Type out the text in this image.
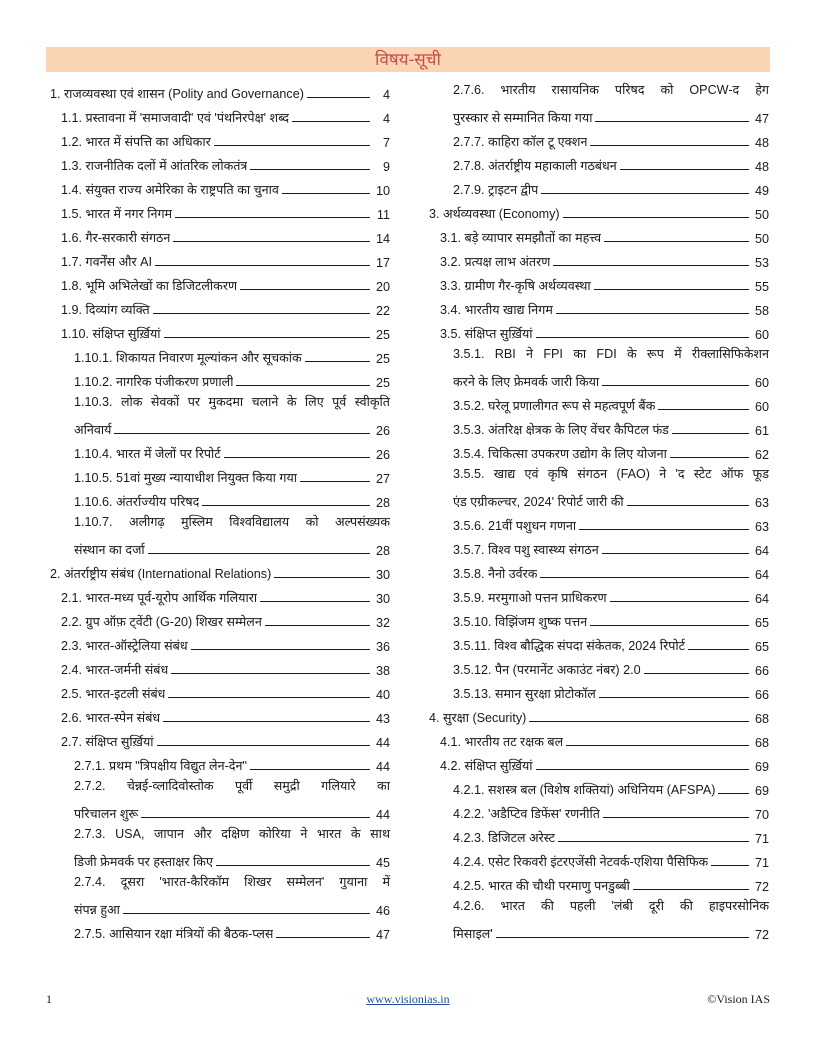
विषय-सूची
1. राजव्यवस्था एवं शासन (Polity and Governance)	4
1.1. प्रस्तावना में 'समाजवादी' एवं 'पंथनिरपेक्ष' शब्द	4
1.2. भारत में संपत्ति का अधिकार	7
1.3. राजनीतिक दलों में आंतरिक लोकतंत्र	9
1.4. संयुक्त राज्य अमेरिका के राष्ट्रपति का चुनाव	10
1.5. भारत में नगर निगम	11
1.6. गैर-सरकारी संगठन	14
1.7. गवर्नेंस और AI	17
1.8. भूमि अभिलेखों का डिजिटलीकरण	20
1.9. दिव्यांग व्यक्ति	22
1.10. संक्षिप्त सुर्ख़ियां	25
1.10.1. शिकायत निवारण मूल्यांकन और सूचकांक	25
1.10.2. नागरिक पंजीकरण प्रणाली	25
1.10.3. लोक सेवकों पर मुकदमा चलाने के लिए पूर्व स्वीकृति
अनिवार्य	26
1.10.4. भारत में जेलों पर रिपोर्ट	26
1.10.5. 51वां मुख्य न्यायाधीश नियुक्त किया गया	27
1.10.6. अंतर्राज्यीय परिषद	28
1.10.7. अलीगढ़ मुस्लिम विश्वविद्यालय को अल्पसंख्यक
संस्थान का दर्जा	28
2. अंतर्राष्ट्रीय संबंध (International Relations)	30
2.1. भारत-मध्य पूर्व-यूरोप आर्थिक गलियारा	30
2.2. ग्रुप ऑफ़ ट्वेंटी (G-20) शिखर सम्मेलन	32
2.3. भारत-ऑस्ट्रेलिया संबंध	36
2.4. भारत-जर्मनी संबंध	38
2.5. भारत-इटली संबंध	40
2.6. भारत-स्पेन संबंध	43
2.7. संक्षिप्त सुर्ख़ियां	44
2.7.1. प्रथम "त्रिपक्षीय विद्युत लेन-देन"	44
2.7.2. चेन्नई-व्लादिवोस्तोक पूर्वी समुद्री गलियारे का
परिचालन शुरू	44
2.7.3. USA, जापान और दक्षिण कोरिया ने भारत के साथ
डिजी फ्रेमवर्क पर हस्ताक्षर किए	45
2.7.4. दूसरा 'भारत-कैरिकॉम शिखर सम्मेलन' गुयाना में
संपन्न हुआ	46
2.7.5. आसियान रक्षा मंत्रियों की बैठक-प्लस	47
2.7.6. भारतीय रासायनिक परिषद को OPCW-द हेग
पुरस्कार से सम्मानित किया गया	47
2.7.7. काहिरा कॉल टू एक्शन	48
2.7.8. अंतर्राष्ट्रीय महाकाली गठबंधन	48
2.7.9. ट्राइटन द्वीप	49
3. अर्थव्यवस्था (Economy)	50
3.1. बड़े व्यापार समझौतों का महत्त्व	50
3.2. प्रत्यक्ष लाभ अंतरण	53
3.3. ग्रामीण गैर-कृषि अर्थव्यवस्था	55
3.4. भारतीय खाद्य निगम	58
3.5. संक्षिप्त सुर्ख़ियां	60
3.5.1. RBI ने FPI का FDI के रूप में रीक्लासिफिकेशन
करने के लिए फ्रेमवर्क जारी किया	60
3.5.2. घरेलू प्रणालीगत रूप से महत्वपूर्ण बैंक	60
3.5.3. अंतरिक्ष क्षेत्रक के लिए वेंचर कैपिटल फंड	61
3.5.4. चिकित्सा उपकरण उद्योग के लिए योजना	62
3.5.5. खाद्य एवं कृषि संगठन (FAO) ने 'द स्टेट ऑफ फूड
एंड एग्रीकल्चर, 2024' रिपोर्ट जारी की	63
3.5.6. 21वीं पशुधन गणना	63
3.5.7. विश्व पशु स्वास्थ्य संगठन	64
3.5.8. नैनो उर्वरक	64
3.5.9. मरमुगाओ पत्तन प्राधिकरण	64
3.5.10. विझिंजम शुष्क पत्तन	65
3.5.11. विश्व बौद्धिक संपदा संकेतक, 2024 रिपोर्ट	65
3.5.12. पैन (परमानेंट अकाउंट नंबर) 2.0	66
3.5.13. समान सुरक्षा प्रोटोकॉल	66
4. सुरक्षा (Security)	68
4.1. भारतीय तट रक्षक बल	68
4.2. संक्षिप्त सुर्ख़ियां	69
4.2.1. सशस्त्र बल (विशेष शक्तियां) अधिनियम (AFSPA)	69
4.2.2. 'अडैप्टिव डिफेंस' रणनीति	70
4.2.3. डिजिटल अरेस्ट	71
4.2.4. एसेट रिकवरी इंटरएजेंसी नेटवर्क-एशिया पैसिफिक	71
4.2.5. भारत की चौथी परमाणु पनडुब्बी	72
4.2.6. भारत की पहली 'लंबी दूरी की हाइपरसोनिक
मिसाइल'	72
1	www.visionias.in	©Vision IAS
